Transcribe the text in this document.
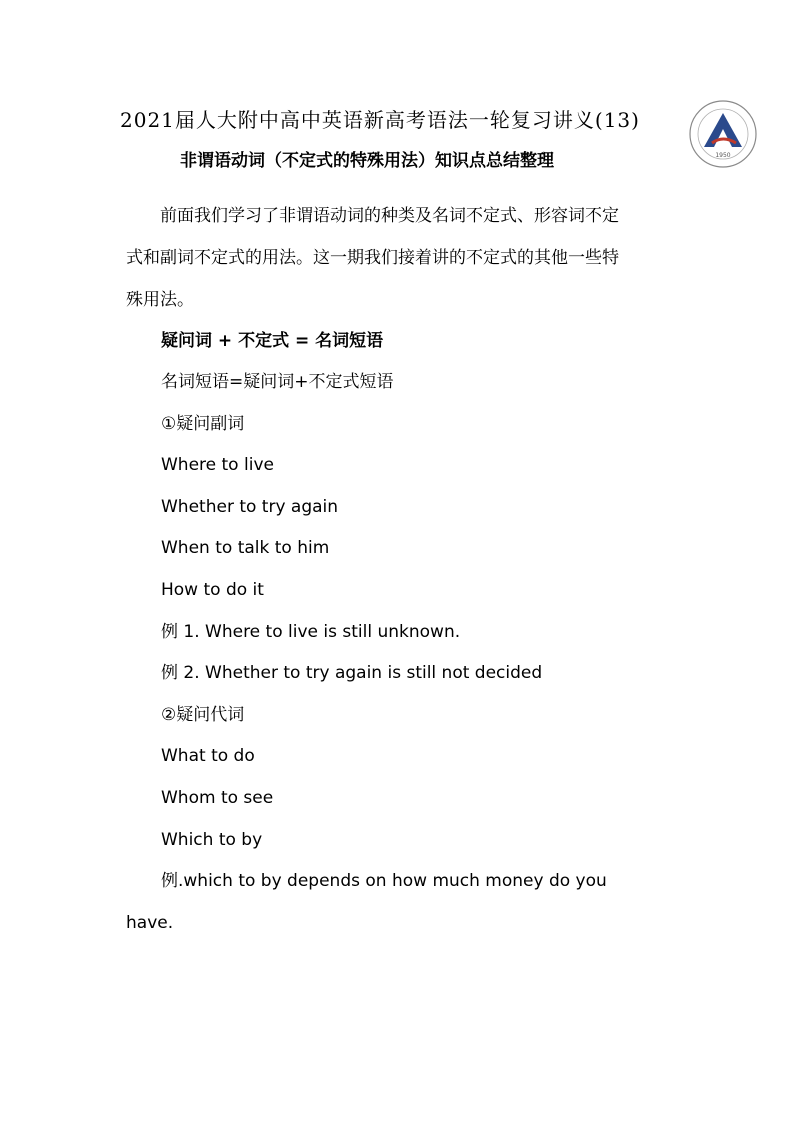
2021届人大附中高中英语新高考语法一轮复习讲义(13)
非谓语动词（不定式的特殊用法）知识点总结整理	1950
前面我们学习了非谓语动词的种类及名词不定式、形容词不定
式和副词不定式的用法。这一期我们接着讲的不定式的其他一些特
殊用法。
疑问词 + 不定式 = 名词短语
名词短语=疑问词+不定式短语
①疑问副词
Where to live
Whether to try again
When to talk to him
How to do it
例 1. Where to live is still unknown.
例 2. Whether to try again is still not decided
②疑问代词
What to do
Whom to see
Which to by
例.which to by depends on how much money do you
have.
